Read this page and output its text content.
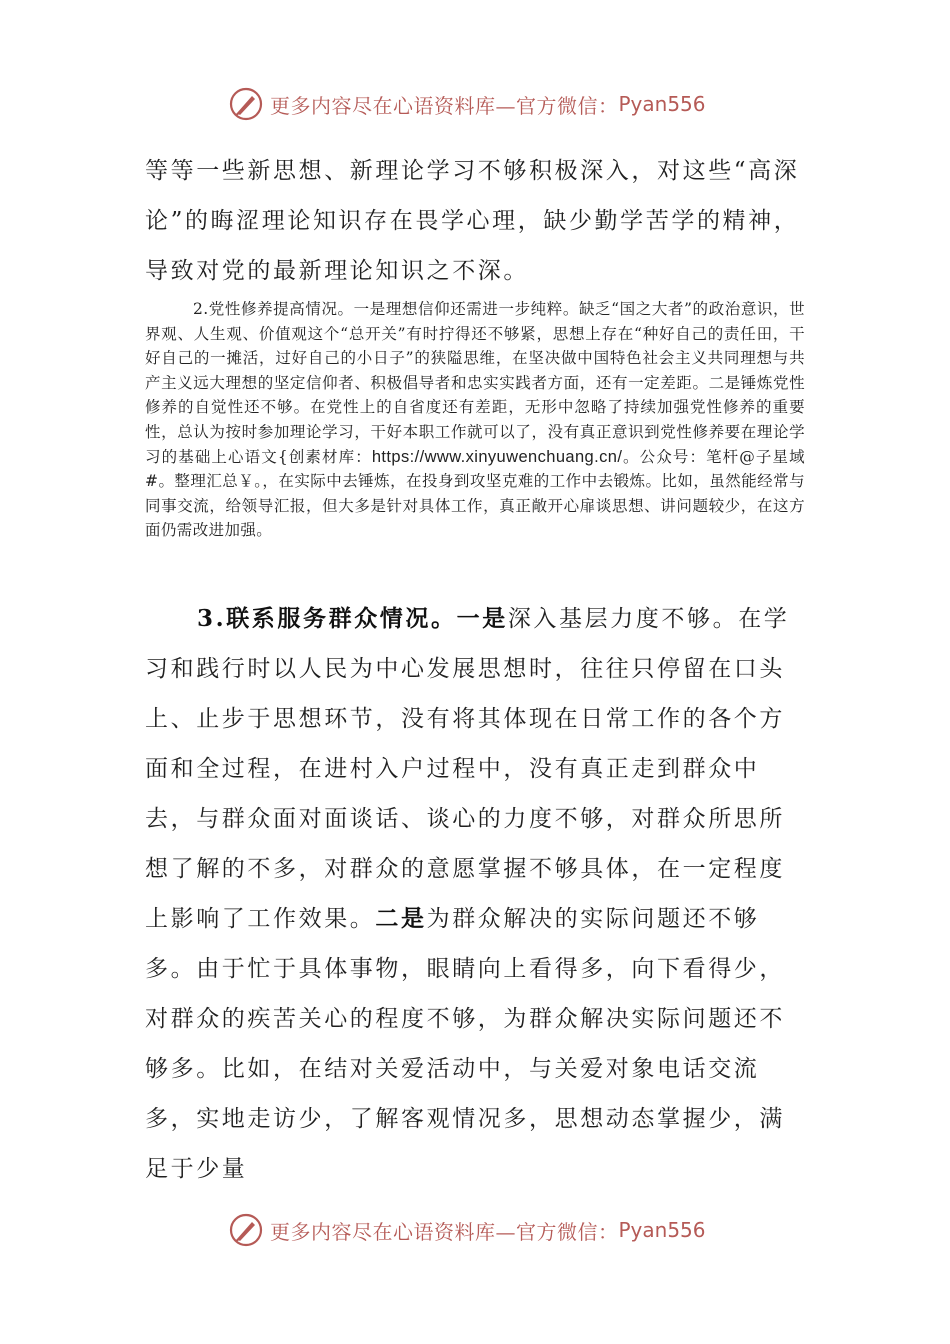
更多内容尽在心语资料库—官方微信： Pyan556
等等一些新思想、新理论学习不够积极深入，对这些“高深论”的晦涩理论知识存在畏学心理，缺少勤学苦学的精神，导致对党的最新理论知识之不深。
2.党性修养提高情况。一是理想信仰还需进一步纯粹。缺乏“国之大者”的政治意识，世界观、人生观、价值观这个“总开关”有时拧得还不够紧，思想上存在“种好自己的责任田，干好自己的一摊活，过好自己的小日子”的狭隘思维，在坚决做中国特色社会主义共同理想与共产主义远大理想的坚定信仰者、积极倡导者和忠实实践者方面，还有一定差距。二是锤炼党性修养的自觉性还不够。在党性上的自省度还有差距，无形中忽略了持续加强党性修养的重要性，总认为按时参加理论学习，干好本职工作就可以了，没有真正意识到党性修养要在理论学习的基础上心语文{创素材库：https://www.xinyuwenchuang.cn/。公众号：笔杆@子星域#。整理汇总￥。，在实际中去锤炼，在投身到攻坚克难的工作中去锻炼。比如，虽然能经常与同事交流，给领导汇报，但大多是针对具体工作，真正敞开心扉谈思想、讲问题较少，在这方面仍需改进加强。
3.联系服务群众情况。一是深入基层力度不够。在学习和践行时以人民为中心发展思想时，往往只停留在口头上、止步于思想环节，没有将其体现在日常工作的各个方面和全过程，在进村入户过程中，没有真正走到群众中去，与群众面对面谈话、谈心的力度不够，对群众所思所想了解的不多，对群众的意愿掌握不够具体，在一定程度上影响了工作效果。二是为群众解决的实际问题还不够多。由于忙于具体事物，眼睛向上看得多，向下看得少，对群众的疾苦关心的程度不够，为群众解决实际问题还不够多。比如，在结对关爱活动中，与关爱对象电话交流多，实地走访少，了解客观情况多，思想动态掌握少，满足于少量
更多内容尽在心语资料库—官方微信： Pyan556
